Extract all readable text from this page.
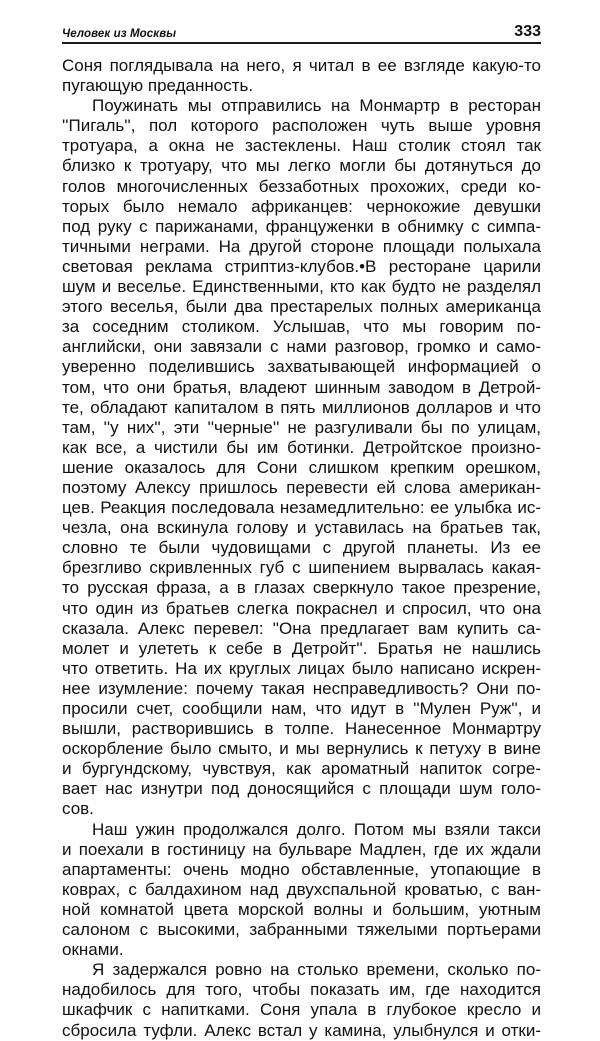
Человек из Москвы	333
Соня поглядывала на него, я читал в ее взгляде какую-то
пугающую преданность.
Поужинать мы отправились на Монмартр в ресторан
''Пигаль'', пол которого расположен чуть выше уровня
тротуара, а окна не застеклены. Наш столик стоял так
близко к тротуару, что мы легко могли бы дотянуться до
голов многочисленных беззаботных прохожих, среди ко-
торых было немало африканцев: чернокожие девушки
под руку с парижанами, француженки в обнимку с симпа-
тичными неграми. На другой стороне площади полыхала
световая реклама стриптиз-клубов.•В ресторане царили
шум и веселье. Единственными, кто как будто не разделял
этого веселья, были два престарелых полных американца
за соседним столиком. Услышав, что мы говорим по-
английски, они завязали с нами разговор, громко и само-
уверенно поделившись захватывающей информацией о
том, что они братья, владеют шинным заводом в Детрой-
те, обладают капиталом в пять миллионов долларов и что
там, ''у них'', эти ''черные'' не разгуливали бы по улицам,
как все, а чистили бы им ботинки. Детройтское произно-
шение оказалось для Сони слишком крепким орешком,
поэтому Алексу пришлось перевести ей слова американ-
цев. Реакция последовала незамедлительно: ее улыбка ис-
чезла, она вскинула голову и уставилась на братьев так,
словно те были чудовищами с другой планеты. Из ее
брезгливо скривленных губ с шипением вырвалась какая-
то русская фраза, а в глазах сверкнуло такое презрение,
что один из братьев слегка покраснел и спросил, что она
сказала. Алекс перевел: ''Она предлагает вам купить са-
молет и улететь к себе в Детройт''. Братья не нашлись
что ответить. На их круглых лицах было написано искрен-
нее изумление: почему такая несправедливость? Они по-
просили счет, сообщили нам, что идут в ''Мулен Руж'', и
вышли, растворившись в толпе. Нанесенное Монмартру
оскорбление было смыто, и мы вернулись к петуху в вине
и бургундскому, чувствуя, как ароматный напиток согре-
вает нас изнутри под доносящийся с площади шум голо-
сов.
Наш ужин продолжался долго. Потом мы взяли такси
и поехали в гостиницу на бульваре Мадлен, где их ждали
апартаменты: очень модно обставленные, утопающие в
коврах, с балдахином над двухспальной кроватью, с ван-
ной комнатой цвета морской волны и большим, уютным
салоном с высокими, забранными тяжелыми портьерами
окнами.
Я задержался ровно на столько времени, сколько по-
надобилось для того, чтобы показать им, где находится
шкафчик с напитками. Соня упала в глубокое кресло и
сбросила туфли. Алекс встал у камина, улыбнулся и отки-
